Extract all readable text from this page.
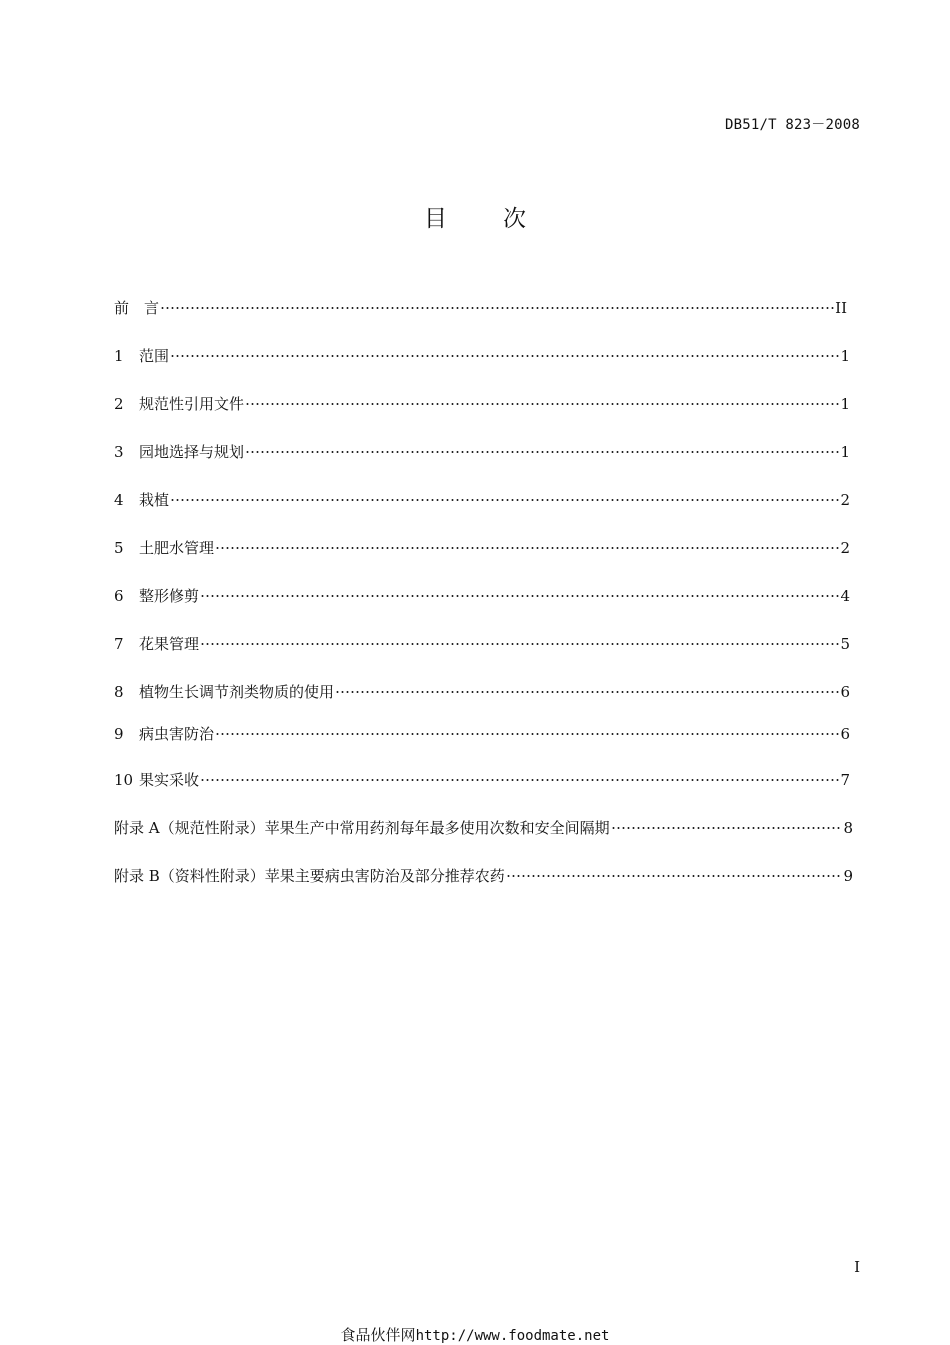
DB51/T 823－2008
目次
前　言	II
1	范围	1
2	规范性引用文件	1
3	园地选择与规划	1
4	栽植	2
5	土肥水管理	2
6	整形修剪	4
7	花果管理	5
8	植物生长调节剂类物质的使用	6
9	病虫害防治	6
10 果实采收	7
附录 A（规范性附录）苹果生产中常用药剂每年最多使用次数和安全间隔期	8
附录 B（资料性附录）苹果主要病虫害防治及部分推荐农药	9
I
食品伙伴网http://www.foodmate.net
